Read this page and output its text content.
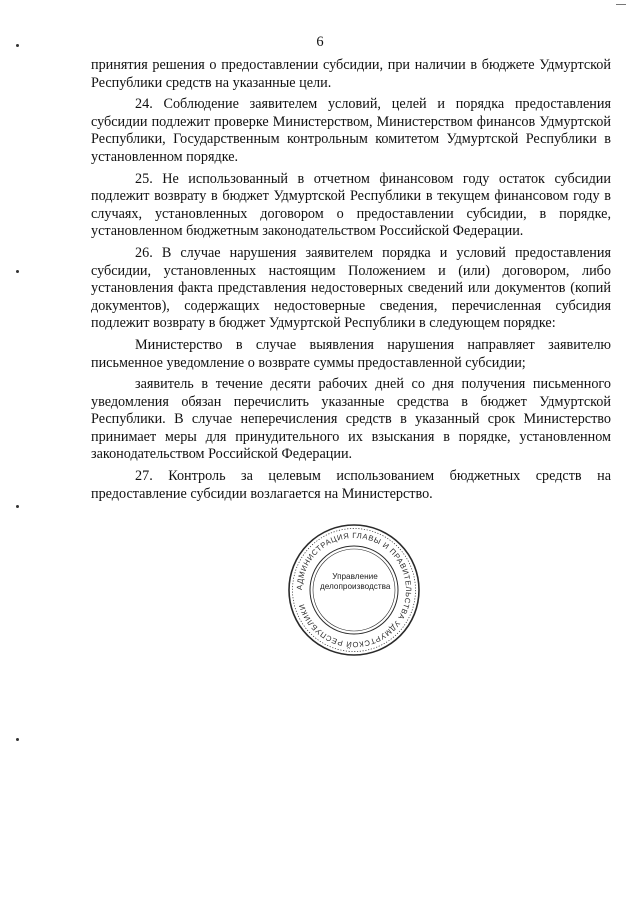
6

принятия решения о предоставлении субсидии, при наличии в бюджете Удмуртской Республики средств на указанные цели.

24. Соблюдение заявителем условий, целей и порядка предоставления субсидии подлежит проверке Министерством, Министерством финансов Удмуртской Республики, Государственным контрольным комитетом Удмуртской Республики в установленном порядке.

25. Не использованный в отчетном финансовом году остаток субсидии подлежит возврату в бюджет Удмуртской Республики в текущем финансовом году в случаях, установленных договором о предоставлении субсидии, в порядке, установленном бюджетным законодательством Российской Федерации.

26. В случае нарушения заявителем порядка и условий предоставления субсидии, установленных настоящим Положением и (или) договором, либо установления факта представления недостоверных сведений или документов (копий документов), содержащих недостоверные сведения, перечисленная субсидия подлежит возврату в бюджет Удмуртской Республики в следующем порядке:

Министерство в случае выявления нарушения направляет заявителю письменное уведомление о возврате суммы предоставленной субсидии;

заявитель в течение десяти рабочих дней со дня получения письменного уведомления обязан перечислить указанные средства в бюджет Удмуртской Республики. В случае неперечисления средств в указанный срок Министерство принимает меры для принудительного их взыскания в порядке, установленном законодательством Российской Федерации.

27. Контроль за целевым использованием бюджетных средств на предоставление субсидии возлагается на Министерство.

АДМИНИСТРАЦИЯ ГЛАВЫ И ПРАВИТЕЛЬСТВА УДМУРТСКОЙ РЕСПУБЛИКИ
Управление
делопроизводства
